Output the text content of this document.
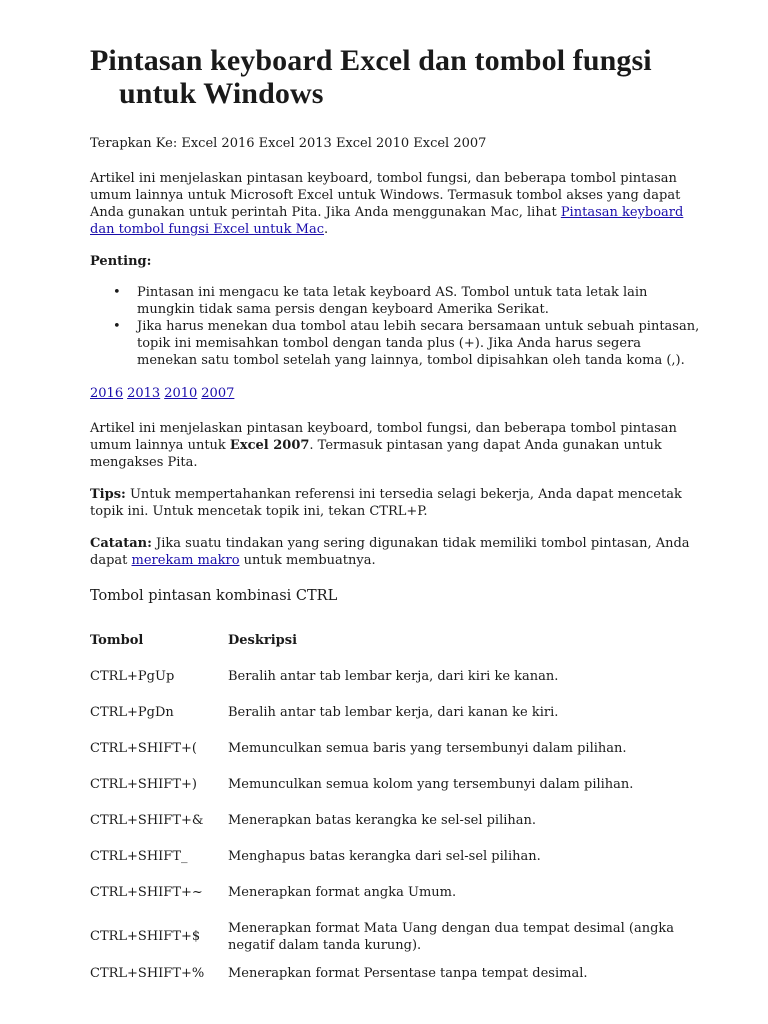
Pintasan keyboard Excel dan tombol fungsi untuk Windows

Terapkan Ke: Excel 2016 Excel 2013 Excel 2010 Excel 2007

Artikel ini menjelaskan pintasan keyboard, tombol fungsi, dan beberapa tombol pintasan umum lainnya untuk Microsoft Excel untuk Windows. Termasuk tombol akses yang dapat Anda gunakan untuk perintah Pita. Jika Anda menggunakan Mac, lihat Pintasan keyboard dan tombol fungsi Excel untuk Mac.

Penting:

• Pintasan ini mengacu ke tata letak keyboard AS. Tombol untuk tata letak lain mungkin tidak sama persis dengan keyboard Amerika Serikat.
• Jika harus menekan dua tombol atau lebih secara bersamaan untuk sebuah pintasan, topik ini memisahkan tombol dengan tanda plus (+). Jika Anda harus segera menekan satu tombol setelah yang lainnya, tombol dipisahkan oleh tanda koma (,).

2016 2013 2010 2007

Artikel ini menjelaskan pintasan keyboard, tombol fungsi, dan beberapa tombol pintasan umum lainnya untuk Excel 2007. Termasuk pintasan yang dapat Anda gunakan untuk mengakses Pita.

Tips: Untuk mempertahankan referensi ini tersedia selagi bekerja, Anda dapat mencetak topik ini. Untuk mencetak topik ini, tekan CTRL+P.

Catatan: Jika suatu tindakan yang sering digunakan tidak memiliki tombol pintasan, Anda dapat merekam makro untuk membuatnya.

Tombol pintasan kombinasi CTRL
Tombol	Deskripsi
CTRL+PgUp	Beralih antar tab lembar kerja, dari kiri ke kanan.
CTRL+PgDn	Beralih antar tab lembar kerja, dari kanan ke kiri.
CTRL+SHIFT+(	Memunculkan semua baris yang tersembunyi dalam pilihan.
CTRL+SHIFT+)	Memunculkan semua kolom yang tersembunyi dalam pilihan.
CTRL+SHIFT+&	Menerapkan batas kerangka ke sel-sel pilihan.
CTRL+SHIFT_	Menghapus batas kerangka dari sel-sel pilihan.
CTRL+SHIFT+~	Menerapkan format angka Umum.
CTRL+SHIFT+$	Menerapkan format Mata Uang dengan dua tempat desimal (angka negatif dalam tanda kurung).
CTRL+SHIFT+%	Menerapkan format Persentase tanpa tempat desimal.
